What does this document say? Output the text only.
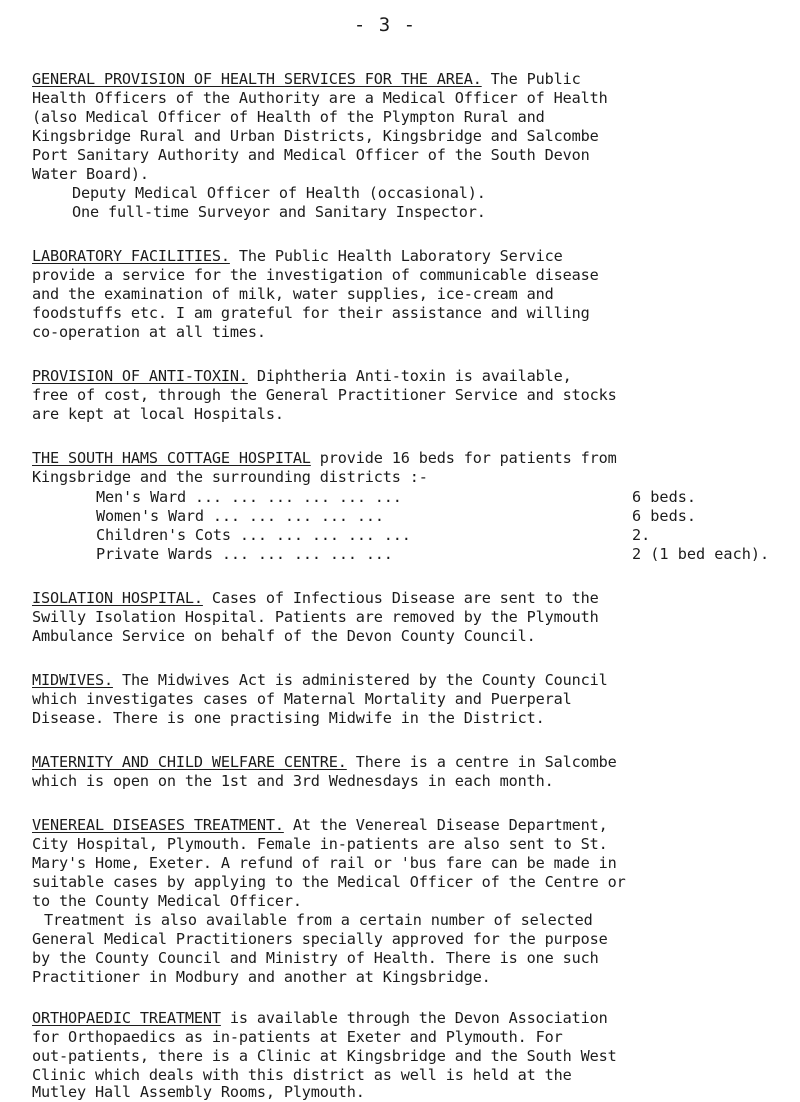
- 3 -
GENERAL PROVISION OF HEALTH SERVICES FOR THE AREA. The Public
Health Officers of the Authority are a Medical Officer of Health
(also Medical Officer of Health of the Plympton Rural and
Kingsbridge Rural and Urban Districts, Kingsbridge and Salcombe
Port Sanitary Authority and Medical Officer of the South Devon
Water Board).
Deputy Medical Officer of Health (occasional).
One full-time Surveyor and Sanitary Inspector.
LABORATORY FACILITIES. The Public Health Laboratory Service
provide a service for the investigation of communicable disease
and the examination of milk, water supplies, ice-cream and
foodstuffs etc. I am grateful for their assistance and willing
co-operation at all times.
PROVISION OF ANTI-TOXIN. Diphtheria Anti-toxin is available,
free of cost, through the General Practitioner Service and stocks
are kept at local Hospitals.
THE SOUTH HAMS COTTAGE HOSPITAL provide 16 beds for patients from
Kingsbridge and the surrounding districts :-
Men's Ward ... ... ... ... ... ...	6 beds.
Women's Ward ... ... ... ... ...	6 beds.
Children's Cots ... ... ... ... ...	2.
Private Wards ... ... ... ... ...	2 (1 bed each).
ISOLATION HOSPITAL. Cases of Infectious Disease are sent to the
Swilly Isolation Hospital. Patients are removed by the Plymouth
Ambulance Service on behalf of the Devon County Council.
MIDWIVES. The Midwives Act is administered by the County Council
which investigates cases of Maternal Mortality and Puerperal
Disease. There is one practising Midwife in the District.
MATERNITY AND CHILD WELFARE CENTRE. There is a centre in Salcombe
which is open on the 1st and 3rd Wednesdays in each month.
VENEREAL DISEASES TREATMENT. At the Venereal Disease Department,
City Hospital, Plymouth. Female in-patients are also sent to St.
Mary's Home, Exeter. A refund of rail or 'bus fare can be made in
suitable cases by applying to the Medical Officer of the Centre or
to the County Medical Officer.
Treatment is also available from a certain number of selected
General Medical Practitioners specially approved for the purpose
by the County Council and Ministry of Health. There is one such
Practitioner in Modbury and another at Kingsbridge.
ORTHOPAEDIC TREATMENT is available through the Devon Association
for Orthopaedics as in-patients at Exeter and Plymouth. For
out-patients, there is a Clinic at Kingsbridge and the South West
Clinic which deals with this district as well is held at the
Mutley Hall Assembly Rooms, Plymouth.
